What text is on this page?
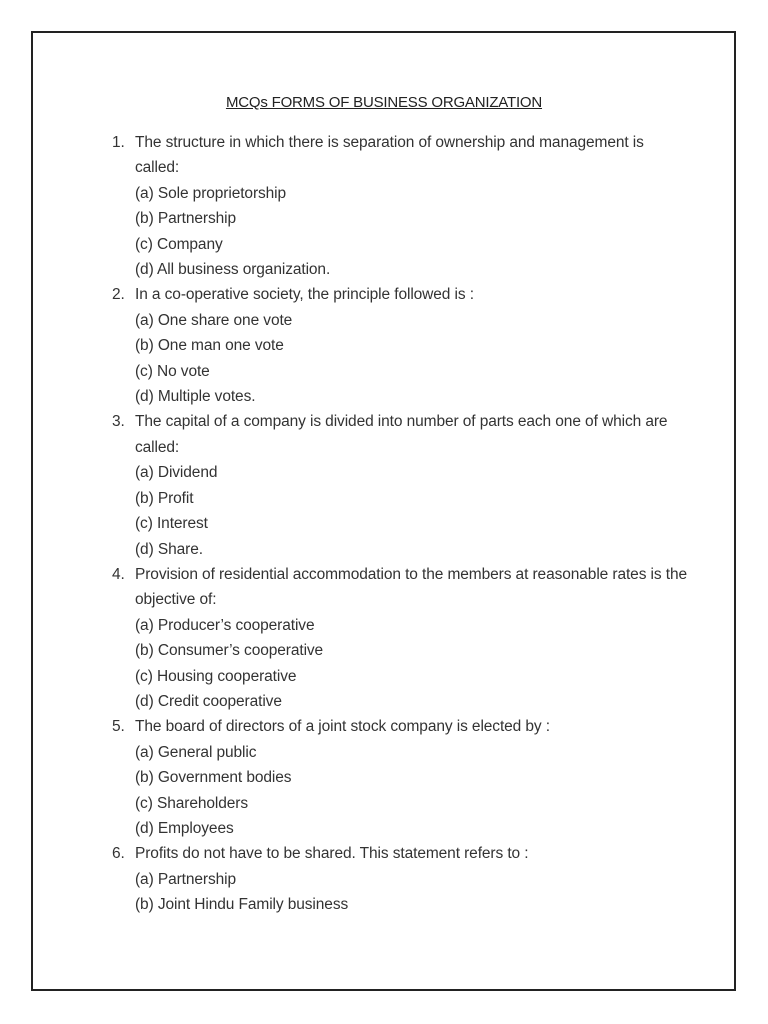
MCQs FORMS OF BUSINESS ORGANIZATION
1. The structure in which there is separation of ownership and management is called:
(a) Sole proprietorship
(b) Partnership
(c) Company
(d) All business organization.
2. In a co-operative society, the principle followed is :
(a) One share one vote
(b) One man one vote
(c) No vote
(d) Multiple votes.
3. The capital of a company is divided into number of parts each one of which are called:
(a) Dividend
(b) Profit
(c) Interest
(d) Share.
4. Provision of residential accommodation to the members at reasonable rates is the objective of:
(a) Producer’s cooperative
(b) Consumer’s cooperative
(c) Housing cooperative
(d) Credit cooperative
5. The board of directors of a joint stock company is elected by :
(a) General public
(b) Government bodies
(c) Shareholders
(d) Employees
6. Profits do not have to be shared. This statement refers to :
(a) Partnership
(b) Joint Hindu Family business
